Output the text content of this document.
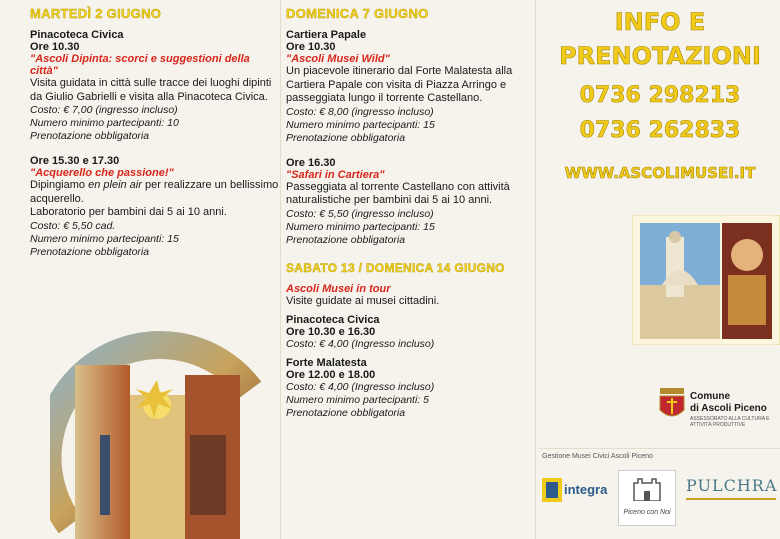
MARTEDÌ 2 GIUGNO
Pinacoteca Civica
Ore 10.30
"Ascoli Dipinta: scorci e suggestioni della città"
Visita guidata in città sulle tracce dei luoghi dipinti da Giulio Gabrielli e visita alla Pinacoteca Civica.
Costo: € 7,00 (ingresso incluso)
Numero minimo partecipanti: 10
Prenotazione obbligatoria
Ore 15.30 e 17.30
"Acquerello che passione!"
Dipingiamo en plein air per realizzare un bellissimo acquerello.
Laboratorio per bambini dai 5 ai 10 anni.
Costo: € 5,50 cad.
Numero minimo partecipanti: 15
Prenotazione obbligatoria
DOMENICA 7 GIUGNO
Cartiera Papale
Ore 10.30
"Ascoli Musei Wild"
Un piacevole itinerario dal Forte Malatesta alla Cartiera Papale con visita di Piazza Arringo e passeggiata lungo il torrente Castellano.
Costo: € 8,00 (ingresso incluso)
Numero minimo partecipanti: 15
Prenotazione obbligatoria
Ore 16.30
"Safari in Cartiera"
Passeggiata al torrente Castellano con attività naturalistiche per bambini dai 5 ai 10 anni.
Costo: € 5,50 (ingresso incluso)
Numero minimo partecipanti: 15
Prenotazione obbligatoria
SABATO 13 / DOMENICA 14 GIUGNO
Ascoli Musei in tour
Visite guidate ai musei cittadini.
Pinacoteca Civica
Ore 10.30 e 16.30
Costo: € 4,00 (Ingresso incluso)
Forte Malatesta
Ore 12.00 e 18.00
Costo: € 4,00 (Ingresso incluso)
Numero minimo partecipanti: 5
Prenotazione obbligatoria
INFO E
PRENOTAZIONI
0736 298213
0736 262833
WWW.ASCOLIMUSEI.IT
Comune
di Ascoli Piceno
ASSESSORATO ALLA CULTURA E ATTIVITÀ PRODUTTIVE
Gestione Musei Civici Ascoli Piceno
integra
Piceno con Noi
PULCHRA
